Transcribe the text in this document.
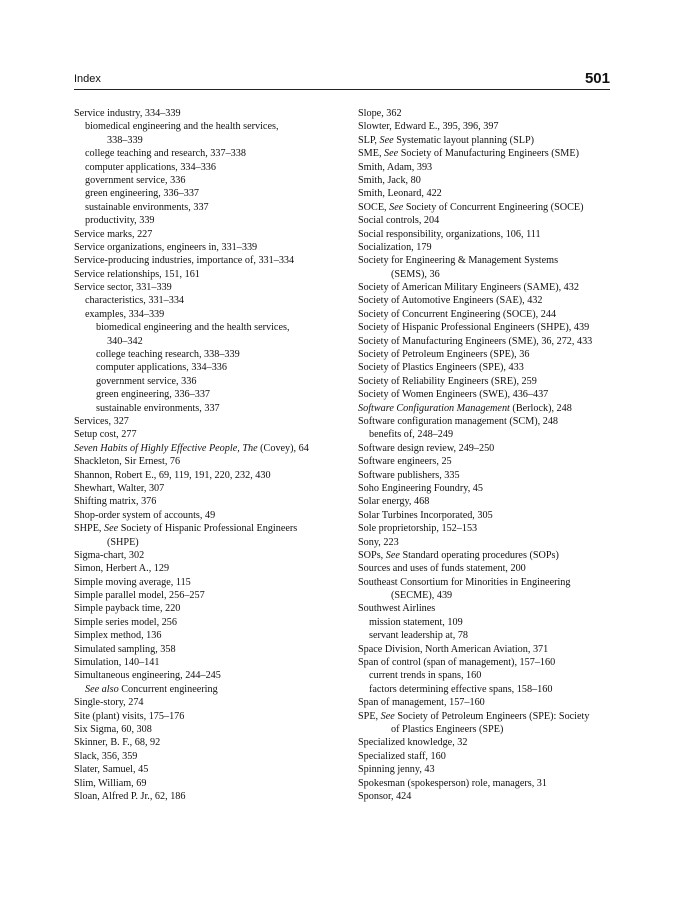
Index	501
Service industry, 334–339
biomedical engineering and the health services,
338–339
college teaching and research, 337–338
computer applications, 334–336
government service, 336
green engineering, 336–337
sustainable environments, 337
productivity, 339
Service marks, 227
Service organizations, engineers in, 331–339
Service-producing industries, importance of, 331–334
Service relationships, 151, 161
Service sector, 331–339
characteristics, 331–334
examples, 334–339
biomedical engineering and the health services,
340–342
college teaching research, 338–339
computer applications, 334–336
government service, 336
green engineering, 336–337
sustainable environments, 337
Services, 327
Setup cost, 277
Seven Habits of Highly Effective People, The (Covey), 64
Shackleton, Sir Ernest, 76
Shannon, Robert E., 69, 119, 191, 220, 232, 430
Shewhart, Walter, 307
Shifting matrix, 376
Shop-order system of accounts, 49
SHPE, See Society of Hispanic Professional Engineers
(SHPE)
Sigma-chart, 302
Simon, Herbert A., 129
Simple moving average, 115
Simple parallel model, 256–257
Simple payback time, 220
Simple series model, 256
Simplex method, 136
Simulated sampling, 358
Simulation, 140–141
Simultaneous engineering, 244–245
See also Concurrent engineering
Single-story, 274
Site (plant) visits, 175–176
Six Sigma, 60, 308
Skinner, B. F., 68, 92
Slack, 356, 359
Slater, Samuel, 45
Slim, William, 69
Sloan, Alfred P. Jr., 62, 186
Slope, 362
Slowter, Edward E., 395, 396, 397
SLP, See Systematic layout planning (SLP)
SME, See Society of Manufacturing Engineers (SME)
Smith, Adam, 393
Smith, Jack, 80
Smith, Leonard, 422
SOCE, See Society of Concurrent Engineering (SOCE)
Social controls, 204
Social responsibility, organizations, 106, 111
Socialization, 179
Society for Engineering & Management Systems
(SEMS), 36
Society of American Military Engineers (SAME), 432
Society of Automotive Engineers (SAE), 432
Society of Concurrent Engineering (SOCE), 244
Society of Hispanic Professional Engineers (SHPE), 439
Society of Manufacturing Engineers (SME), 36, 272, 433
Society of Petroleum Engineers (SPE), 36
Society of Plastics Engineers (SPE), 433
Society of Reliability Engineers (SRE), 259
Society of Women Engineers (SWE), 436–437
Software Configuration Management (Berlock), 248
Software configuration management (SCM), 248
benefits of, 248–249
Software design review, 249–250
Software engineers, 25
Software publishers, 335
Soho Engineering Foundry, 45
Solar energy, 468
Solar Turbines Incorporated, 305
Sole proprietorship, 152–153
Sony, 223
SOPs, See Standard operating procedures (SOPs)
Sources and uses of funds statement, 200
Southeast Consortium for Minorities in Engineering
(SECME), 439
Southwest Airlines
mission statement, 109
servant leadership at, 78
Space Division, North American Aviation, 371
Span of control (span of management), 157–160
current trends in spans, 160
factors determining effective spans, 158–160
Span of management, 157–160
SPE, See Society of Petroleum Engineers (SPE): Society
of Plastics Engineers (SPE)
Specialized knowledge, 32
Specialized staff, 160
Spinning jenny, 43
Spokesman (spokesperson) role, managers, 31
Sponsor, 424
